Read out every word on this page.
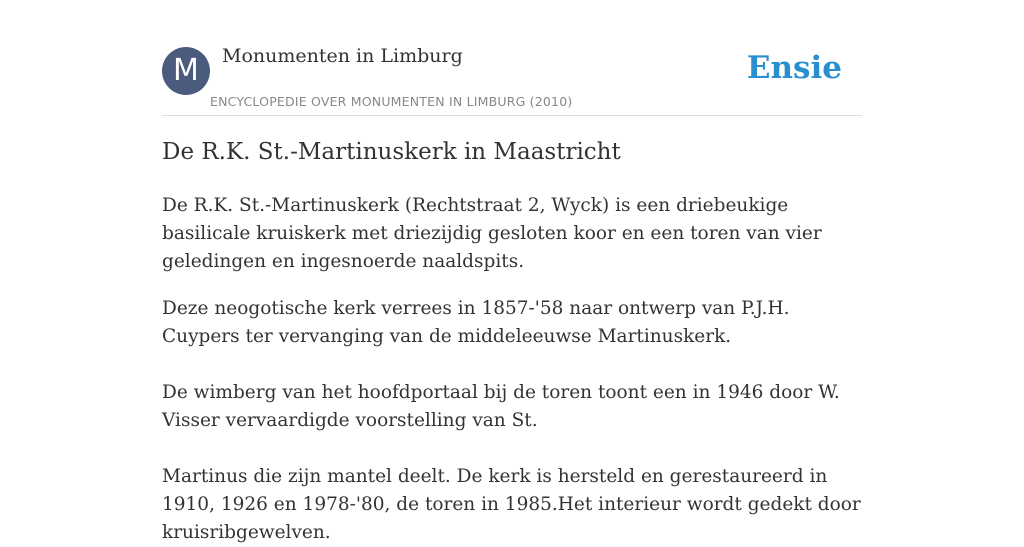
M	Monumenten in Limburg
ENCYCLOPEDIE OVER MONUMENTEN IN LIMBURG (2010)
Ensie
De R.K. St.-Martinuskerk in Maastricht

De R.K. St.-Martinuskerk (Rechtstraat 2, Wyck) is een driebeukige basilicale kruiskerk met driezijdig gesloten koor en een toren van vier geledingen en ingesnoerde naaldspits.

Deze neogotische kerk verrees in 1857-'58 naar ontwerp van P.J.H. Cuypers ter vervanging van de middeleeuwse Martinuskerk.

De wimberg van het hoofdportaal bij de toren toont een in 1946 door W. Visser vervaardigde voorstelling van St.

Martinus die zijn mantel deelt. De kerk is hersteld en gerestaureerd in 1910, 1926 en 1978-'80, de toren in 1985.Het interieur wordt gedekt door kruisribgewelven.
